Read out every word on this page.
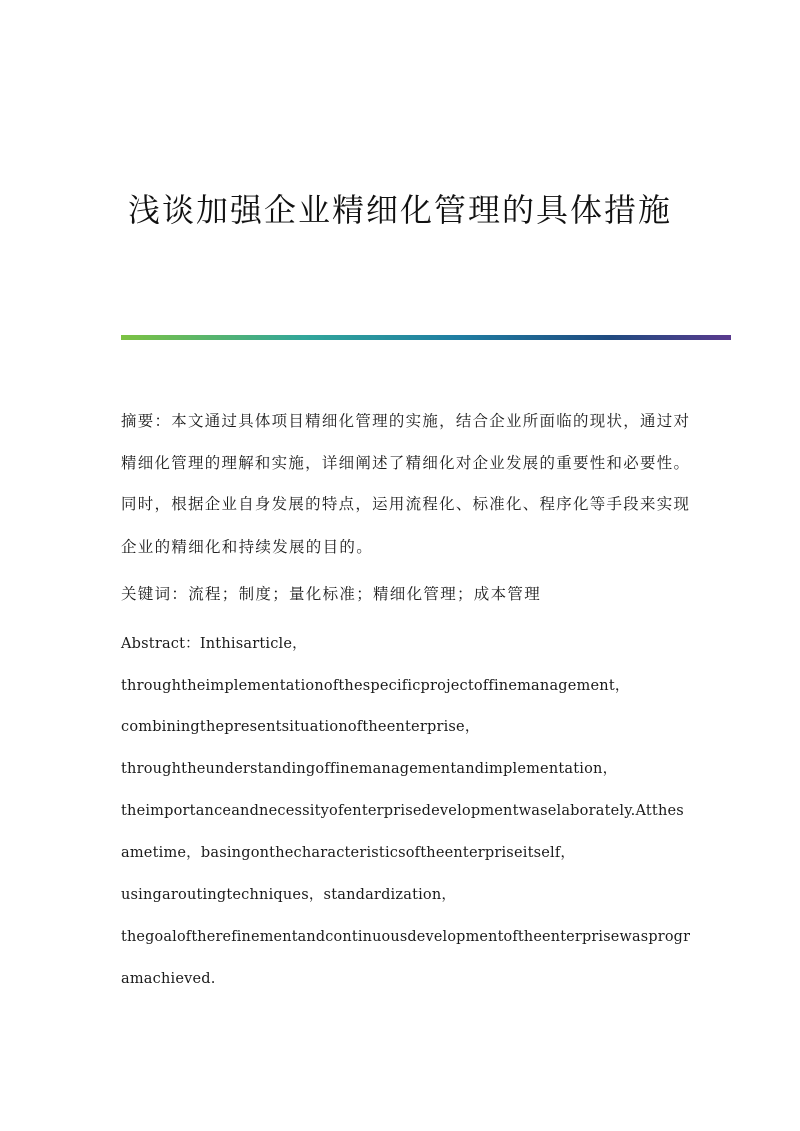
浅谈加强企业精细化管理的具体措施
摘要：本文通过具体项目精细化管理的实施，结合企业所面临的现状，通过对
精细化管理的理解和实施，详细阐述了精细化对企业发展的重要性和必要性。
同时，根据企业自身发展的特点，运用流程化、标准化、程序化等手段来实现
企业的精细化和持续发展的目的。
关键词：流程；制度；量化标准；精细化管理；成本管理
Abstract：Inthisarticle，
throughtheimplementationofthespecificprojectoffinemanagement，
combiningthepresentsituationoftheenterprise，
throughtheunderstandingoffinemanagementandimplementation，
theimportanceandnecessityofenterprisedevelopmentwaselaborately.Atthes
ametime，basingonthecharacteristicsoftheenterpriseitself，
usingaroutingtechniques，standardization，
thegoaloftherefinementandcontinuousdevelopmentoftheenterprisewasprogr
amachieved.
